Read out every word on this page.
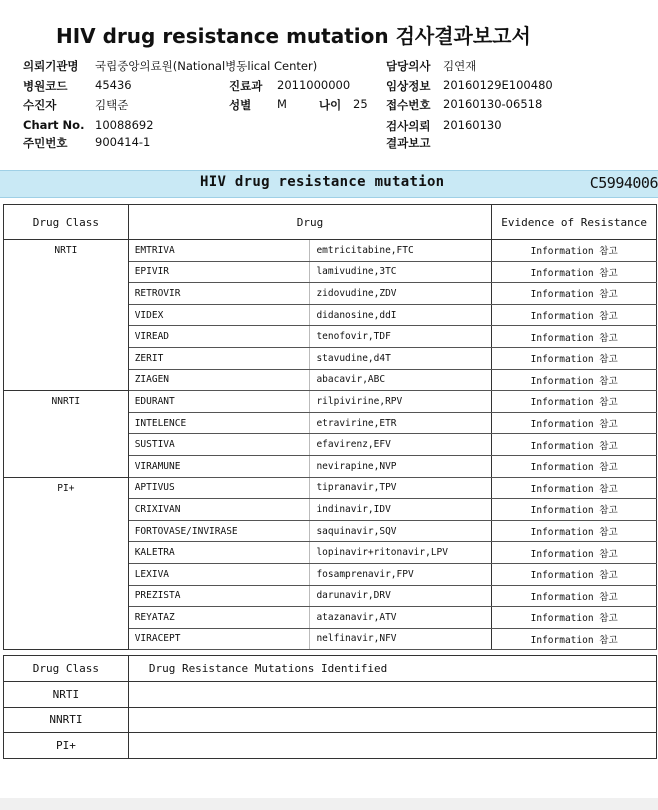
HIV drug resistance mutation 검사결과보고서
의뢰기관명 국립중앙의료원(National병동lical Center)
병원코드 45436
수진자	김택준
Chart No. 10088692
주민번호 900414-1
진료과 2011000000
성별 M	나이 25
담당의사 김연재
임상정보 20160129E100480
접수번호 20160130-06518
검사의뢰 20160130
결과보고
HIV drug resistance mutation	C5994006
Drug Class	Drug		Evidence of Resistance
NRTI	EMTRIVA	emtricitabine,FTC	Information 참고
	EPIVIR	lamivudine,3TC	Information 참고
	RETROVIR	zidovudine,ZDV	Information 참고
	VIDEX	didanosine,ddI	Information 참고
	VIREAD	tenofovir,TDF	Information 참고
	ZERIT	stavudine,d4T	Information 참고
	ZIAGEN	abacavir,ABC	Information 참고
NNRTI	EDURANT	rilpivirine,RPV	Information 참고
	INTELENCE	etravirine,ETR	Information 참고
	SUSTIVA	efavirenz,EFV	Information 참고
	VIRAMUNE	nevirapine,NVP	Information 참고
PI+	APTIVUS	tipranavir,TPV	Information 참고
	CRIXIVAN	indinavir,IDV	Information 참고
	FORTOVASE/INVIRASE	saquinavir,SQV	Information 참고
	KALETRA	lopinavir+ritonavir,LPV	Information 참고
	LEXIVA	fosamprenavir,FPV	Information 참고
	PREZISTA	darunavir,DRV	Information 참고
	REYATAZ	atazanavir,ATV	Information 참고
	VIRACEPT	nelfinavir,NFV	Information 참고
Drug Class	Drug Resistance Mutations Identified
NRTI	
NNRTI	
PI+	
